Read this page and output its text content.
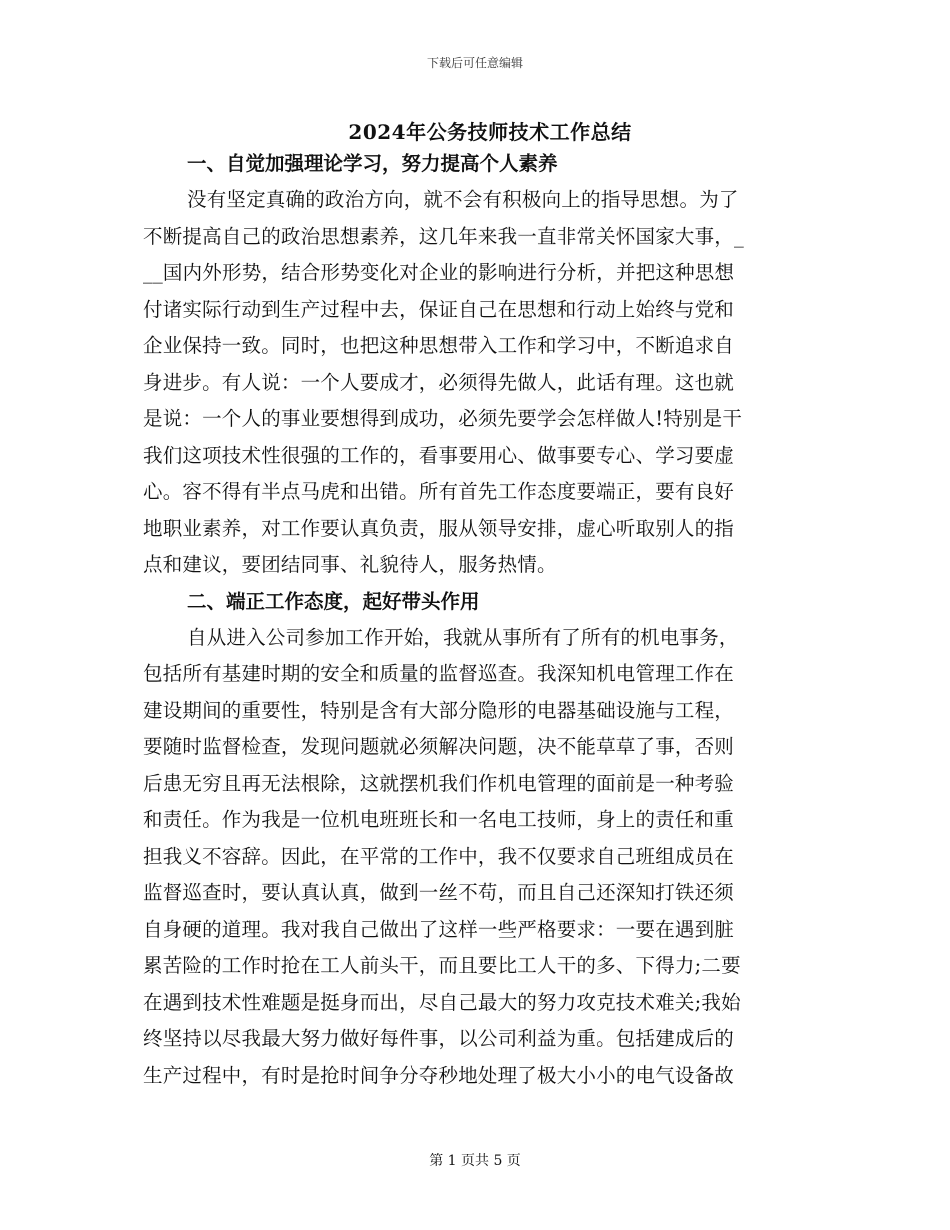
下载后可任意编辑
2024年公务技师技术工作总结
一、自觉加强理论学习，努力提高个人素养
没有坚定真确的政治方向，就不会有积极向上的指导思想。为了
不断提高自己的政治思想素养，这几年来我一直非常关怀国家大事，_
__国内外形势，结合形势变化对企业的影响进行分析，并把这种思想
付诸实际行动到生产过程中去，保证自己在思想和行动上始终与党和
企业保持一致。同时，也把这种思想带入工作和学习中，不断追求自
身进步。有人说：一个人要成才，必须得先做人，此话有理。这也就
是说：一个人的事业要想得到成功，必须先要学会怎样做人!特别是干
我们这项技术性很强的工作的，看事要用心、做事要专心、学习要虚
心。容不得有半点马虎和出错。所有首先工作态度要端正，要有良好
地职业素养，对工作要认真负责，服从领导安排，虚心听取别人的指
点和建议，要团结同事、礼貌待人，服务热情。
二、端正工作态度，起好带头作用
自从进入公司参加工作开始，我就从事所有了所有的机电事务，
包括所有基建时期的安全和质量的监督巡查。我深知机电管理工作在
建设期间的重要性，特别是含有大部分隐形的电器基础设施与工程，
要随时监督检查，发现问题就必须解决问题，决不能草草了事，否则
后患无穷且再无法根除，这就摆机我们作机电管理的面前是一种考验
和责任。作为我是一位机电班班长和一名电工技师，身上的责任和重
担我义不容辞。因此，在平常的工作中，我不仅要求自己班组成员在
监督巡查时，要认真认真，做到一丝不苟，而且自己还深知打铁还须
自身硬的道理。我对我自己做出了这样一些严格要求：一要在遇到脏
累苦险的工作时抢在工人前头干，而且要比工人干的多、下得力;二要
在遇到技术性难题是挺身而出，尽自己最大的努力攻克技术难关;我始
终坚持以尽我最大努力做好每件事，以公司利益为重。包括建成后的
生产过程中，有时是抢时间争分夺秒地处理了极大小小的电气设备故
第 1 页共 5 页
